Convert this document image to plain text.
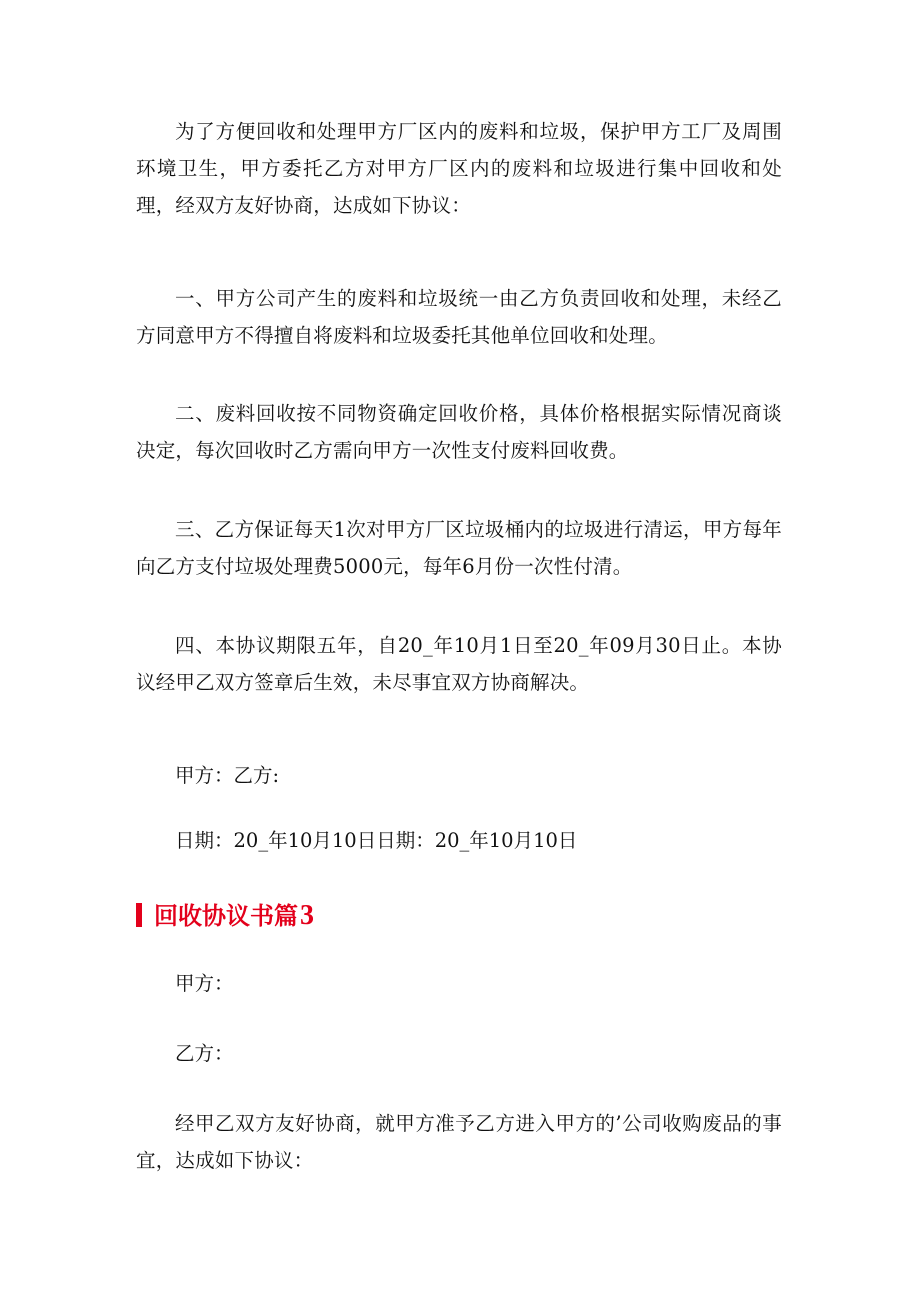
为了方便回收和处理甲方厂区内的废料和垃圾，保护甲方工厂及周围环境卫生，甲方委托乙方对甲方厂区内的废料和垃圾进行集中回收和处理，经双方友好协商，达成如下协议：

一、甲方公司产生的废料和垃圾统一由乙方负责回收和处理，未经乙方同意甲方不得擅自将废料和垃圾委托其他单位回收和处理。

二、废料回收按不同物资确定回收价格，具体价格根据实际情况商谈决定，每次回收时乙方需向甲方一次性支付废料回收费。

三、乙方保证每天1次对甲方厂区垃圾桶内的垃圾进行清运，甲方每年向乙方支付垃圾处理费5000元，每年6月份一次性付清。

四、本协议期限五年，自20_年10月1日至20_年09月30日止。本协议经甲乙双方签章后生效，未尽事宜双方协商解决。

甲方：乙方:

日期：20_年10月10日日期：20_年10月10日

回收协议书篇3

甲方：

乙方：

经甲乙双方友好协商，就甲方准予乙方进入甲方的’公司收购废品的事宜，达成如下协议：
